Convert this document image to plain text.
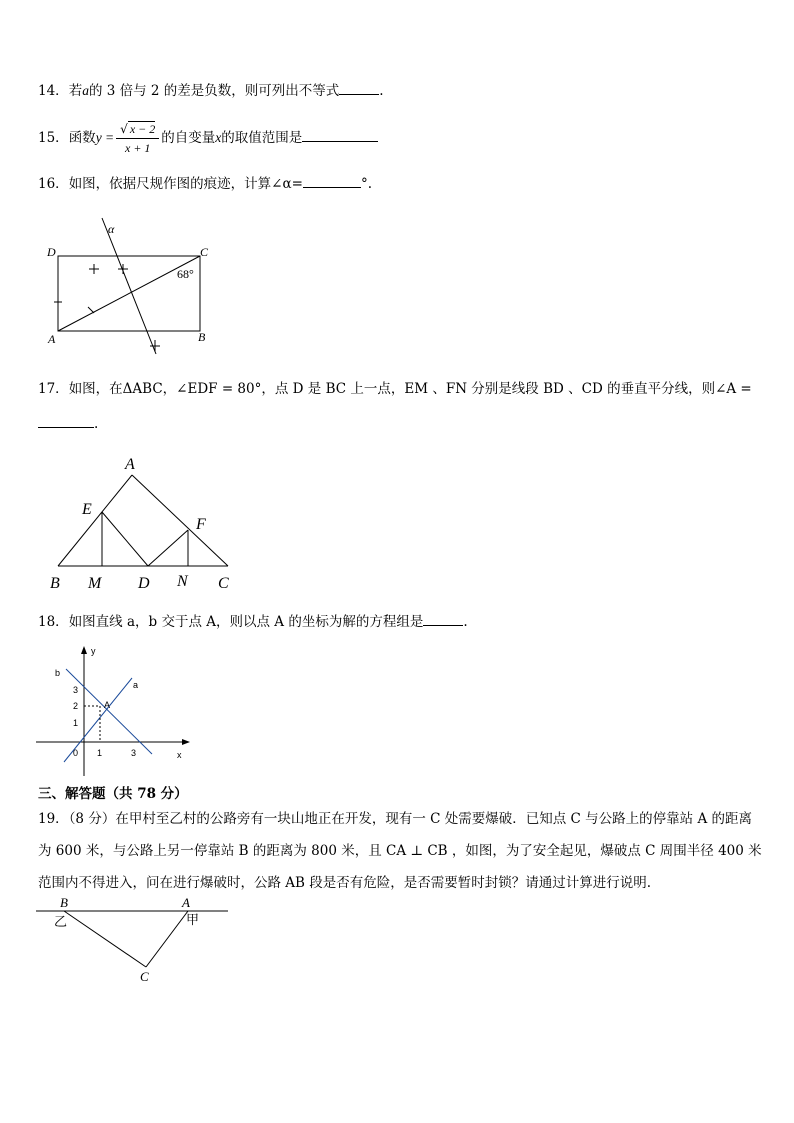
14．若a的 3 倍与 2 的差是负数，则可列出不等式	.
15．函数$y = \frac{√ x - 2}{x + 1}$ 的自变量x的取值范围是
16．如图，依据尺规作图的痕迹，计算∠α=	°.
D	C
A	B
α
68°
17．如图，在ΔABC，∠EDF = 80°，点 D 是 BC 上一点，EM 、FN 分别是线段 BD 、CD 的垂直平分线，则∠A =
.
A
E
F
B M D N C
18．如图直线 a，b 交于点 A，则以点 A 的坐标为解的方程组是	.
y
x
b
a
A
3
2
1
0 1	3
三、解答题（共 78 分）
19．（8 分）在甲村至乙村的公路旁有一块山地正在开发，现有一 C 处需要爆破．已知点 C 与公路上的停靠站 A 的距离
为 600 米，与公路上另一停靠站 B 的距离为 800 米，且 CA ⊥ CB ，如图，为了安全起见，爆破点 C 周围半径 400 米
范围内不得进入，问在进行爆破时，公路 AB 段是否有危险，是否需要暂时封锁？请通过计算进行说明.
B	A
C
乙	甲
